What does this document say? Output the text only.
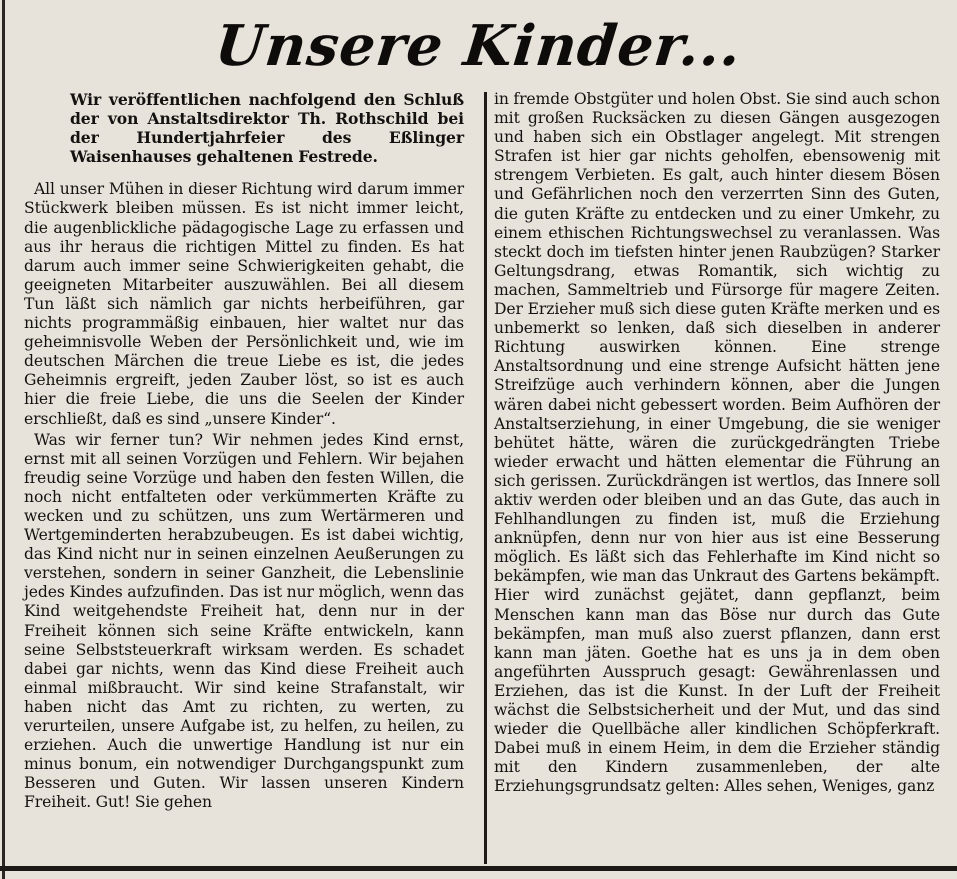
Unsere Kinder...

Wir veröffentlichen nachfolgend den Schluß der von Anstaltsdirektor Th. Rothschild bei der Hundertjahrfeier des Eßlinger Waisenhauses gehaltenen Festrede.

All unser Mühen in dieser Richtung wird darum immer Stückwerk bleiben müssen. Es ist nicht immer leicht, die augenblickliche pädagogische Lage zu erfassen und aus ihr heraus die richtigen Mittel zu finden. Es hat darum auch immer seine Schwierigkeiten gehabt, die geeigneten Mitarbeiter auszuwählen. Bei all diesem Tun läßt sich nämlich gar nichts herbeiführen, gar nichts programmäßig einbauen, hier waltet nur das geheimnisvolle Weben der Persönlichkeit und, wie im deutschen Märchen die treue Liebe es ist, die jedes Geheimnis ergreift, jeden Zauber löst, so ist es auch hier die freie Liebe, die uns die Seelen der Kinder erschließt, daß es sind „unsere Kinder“.

Was wir ferner tun? Wir nehmen jedes Kind ernst, ernst mit all seinen Vorzügen und Fehlern. Wir bejahen freudig seine Vorzüge und haben den festen Willen, die noch nicht entfalteten oder verkümmerten Kräfte zu wecken und zu schützen, uns zum Wertärmeren und Wertgeminderten herabzubeugen. Es ist dabei wichtig, das Kind nicht nur in seinen einzelnen Aeußerungen zu verstehen, sondern in seiner Ganzheit, die Lebenslinie jedes Kindes aufzufinden. Das ist nur möglich, wenn das Kind weitgehendste Freiheit hat, denn nur in der Freiheit können sich seine Kräfte entwickeln, kann seine Selbststeuerkraft wirksam werden. Es schadet dabei gar nichts, wenn das Kind diese Freiheit auch einmal mißbraucht. Wir sind keine Strafanstalt, wir haben nicht das Amt zu richten, zu werten, zu verurteilen, unsere Aufgabe ist, zu helfen, zu heilen, zu erziehen. Auch die unwertige Handlung ist nur ein minus bonum, ein notwendiger Durchgangspunkt zum Besseren und Guten. Wir lassen unseren Kindern Freiheit. Gut! Sie gehen

in fremde Obstgüter und holen Obst. Sie sind auch schon mit großen Rucksäcken zu diesen Gängen ausgezogen und haben sich ein Obstlager angelegt. Mit strengen Strafen ist hier gar nichts geholfen, ebensowenig mit strengem Verbieten. Es galt, auch hinter diesem Bösen und Gefährlichen noch den verzerrten Sinn des Guten, die guten Kräfte zu entdecken und zu einer Umkehr, zu einem ethischen Richtungswechsel zu veranlassen. Was steckt doch im tiefsten hinter jenen Raubzügen? Starker Geltungsdrang, etwas Romantik, sich wichtig zu machen, Sammeltrieb und Fürsorge für magere Zeiten. Der Erzieher muß sich diese guten Kräfte merken und es unbemerkt so lenken, daß sich dieselben in anderer Richtung auswirken können. Eine strenge Anstaltsordnung und eine strenge Aufsicht hätten jene Streifzüge auch verhindern können, aber die Jungen wären dabei nicht gebessert worden. Beim Aufhören der Anstaltserziehung, in einer Umgebung, die sie weniger behütet hätte, wären die zurückgedrängten Triebe wieder erwacht und hätten elementar die Führung an sich gerissen. Zurückdrängen ist wertlos, das Innere soll aktiv werden oder bleiben und an das Gute, das auch in Fehlhandlungen zu finden ist, muß die Erziehung anknüpfen, denn nur von hier aus ist eine Besserung möglich. Es läßt sich das Fehlerhafte im Kind nicht so bekämpfen, wie man das Unkraut des Gartens bekämpft. Hier wird zunächst gejätet, dann gepflanzt, beim Menschen kann man das Böse nur durch das Gute bekämpfen, man muß also zuerst pflanzen, dann erst kann man jäten. Goethe hat es uns ja in dem oben angeführten Ausspruch gesagt: Gewährenlassen und Erziehen, das ist die Kunst. In der Luft der Freiheit wächst die Selbstsicherheit und der Mut, und das sind wieder die Quellbäche aller kindlichen Schöpferkraft. Dabei muß in einem Heim, in dem die Erzieher ständig mit den Kindern zusammenleben, der alte Erziehungsgrundsatz gelten: Alles sehen, Weniges, ganz
